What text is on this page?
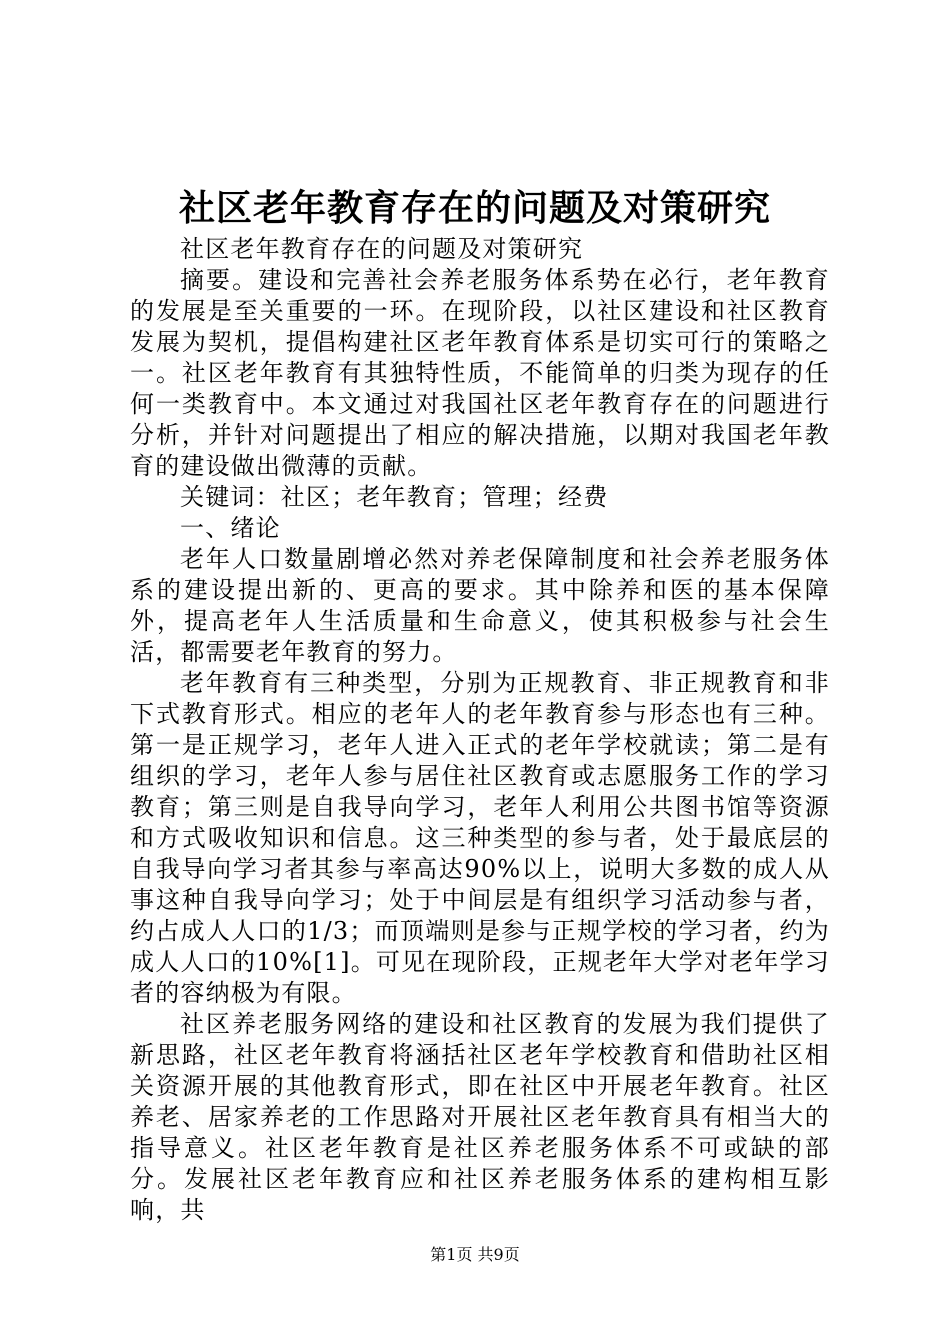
社区老年教育存在的问题及对策研究

社区老年教育存在的问题及对策研究

摘要。建设和完善社会养老服务体系势在必行，老年教育的发展是至关重要的一环。在现阶段，以社区建设和社区教育发展为契机，提倡构建社区老年教育体系是切实可行的策略之一。社区老年教育有其独特性质，不能简单的归类为现存的任何一类教育中。本文通过对我国社区老年教育存在的问题进行分析，并针对问题提出了相应的解决措施，以期对我国老年教育的建设做出微薄的贡献。

关键词：社区；老年教育；管理；经费

一、绪论

老年人口数量剧增必然对养老保障制度和社会养老服务体系的建设提出新的、更高的要求。其中除养和医的基本保障外，提高老年人生活质量和生命意义，使其积极参与社会生活，都需要老年教育的努力。

老年教育有三种类型，分别为正规教育、非正规教育和非下式教育形式。相应的老年人的老年教育参与形态也有三种。第一是正规学习，老年人进入正式的老年学校就读；第二是有组织的学习，老年人参与居住社区教育或志愿服务工作的学习教育；第三则是自我导向学习，老年人利用公共图书馆等资源和方式吸收知识和信息。这三种类型的参与者，处于最底层的自我导向学习者其参与率高达90%以上，说明大多数的成人从事这种自我导向学习；处于中间层是有组织学习活动参与者，约占成人人口的1/3；而顶端则是参与正规学校的学习者，约为成人人口的10%[1]。可见在现阶段，正规老年大学对老年学习者的容纳极为有限。

社区养老服务网络的建设和社区教育的发展为我们提供了新思路，社区老年教育将涵括社区老年学校教育和借助社区相关资源开展的其他教育形式，即在社区中开展老年教育。社区养老、居家养老的工作思路对开展社区老年教育具有相当大的指导意义。社区老年教育是社区养老服务体系不可或缺的部分。发展社区老年教育应和社区养老服务体系的建构相互影响，共

第1页 共9页
